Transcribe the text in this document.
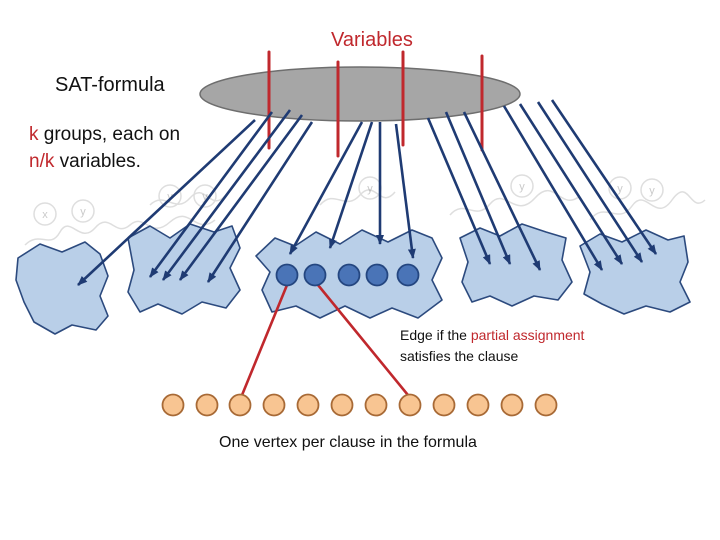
x	y
y
y	y	y y
y
Variables
SAT-formula
k groups, each on
n/k variables.
Edge if the partial assignment
satisfies the clause
One vertex per clause in the formula
